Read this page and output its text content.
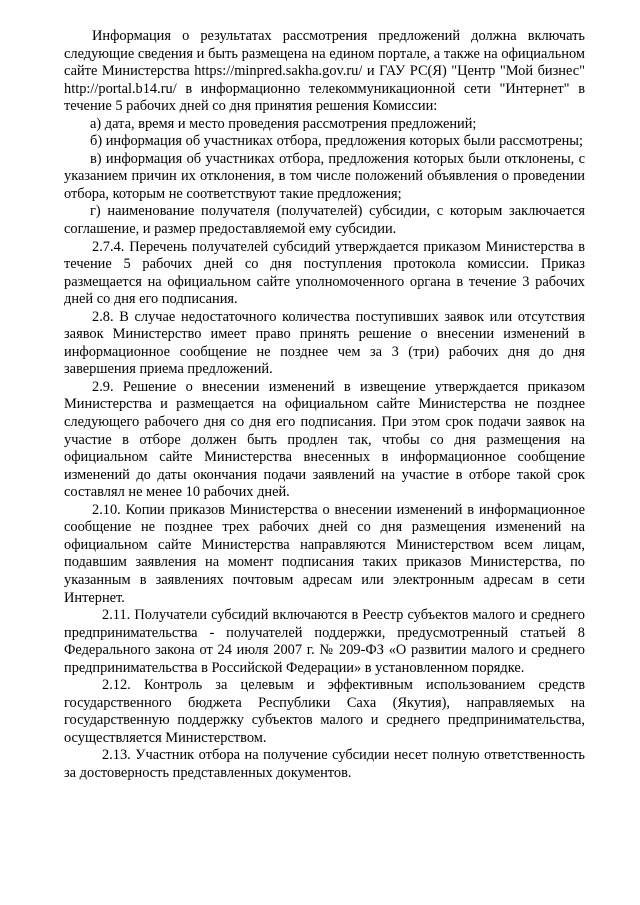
Информация о результатах рассмотрения предложений должна включать следующие сведения и быть размещена на едином портале, а также на официальном сайте Министерства https://minpred.sakha.gov.ru/ и ГАУ РС(Я) "Центр "Мой бизнес" http://portal.b14.ru/ в информационно телекоммуникационной сети "Интернет" в течение 5 рабочих дней со дня принятия решения Комиссии:

а) дата, время и место проведения рассмотрения предложений;

б) информация об участниках отбора, предложения которых были рассмотрены;

в) информация об участниках отбора, предложения которых были отклонены, с указанием причин их отклонения, в том числе положений объявления о проведении отбора, которым не соответствуют такие предложения;

г) наименование получателя (получателей) субсидии, с которым заключается соглашение, и размер предоставляемой ему субсидии.

2.7.4. Перечень получателей субсидий утверждается приказом Министерства в течение 5 рабочих дней со дня поступления протокола комиссии. Приказ размещается на официальном сайте уполномоченного органа в течение 3 рабочих дней со дня его подписания.

2.8. В случае недостаточного количества поступивших заявок или отсутствия заявок Министерство имеет право принять решение о внесении изменений в информационное сообщение не позднее чем за 3 (три) рабочих дня до дня завершения приема предложений.

2.9. Решение о внесении изменений в извещение утверждается приказом Министерства и размещается на официальном сайте Министерства не позднее следующего рабочего дня со дня его подписания. При этом срок подачи заявок на участие в отборе должен быть продлен так, чтобы со дня размещения на официальном сайте Министерства внесенных в информационное сообщение изменений до даты окончания подачи заявлений на участие в отборе такой срок составлял не менее 10 рабочих дней.

2.10. Копии приказов Министерства о внесении изменений в информационное сообщение не позднее трех рабочих дней со дня размещения изменений на официальном сайте Министерства направляются Министерством всем лицам, подавшим заявления на момент подписания таких приказов Министерства, по указанным в заявлениях почтовым адресам или электронным адресам в сети Интернет.

2.11. Получатели субсидий включаются в Реестр субъектов малого и среднего предпринимательства - получателей поддержки, предусмотренный статьей 8 Федерального закона от 24 июля 2007 г. № 209-ФЗ «О развитии малого и среднего предпринимательства в Российской Федерации» в установленном порядке.

2.12. Контроль за целевым и эффективным использованием средств государственного бюджета Республики Саха (Якутия), направляемых на государственную поддержку субъектов малого и среднего предпринимательства, осуществляется Министерством.

2.13. Участник отбора на получение субсидии несет полную ответственность за достоверность представленных документов.
